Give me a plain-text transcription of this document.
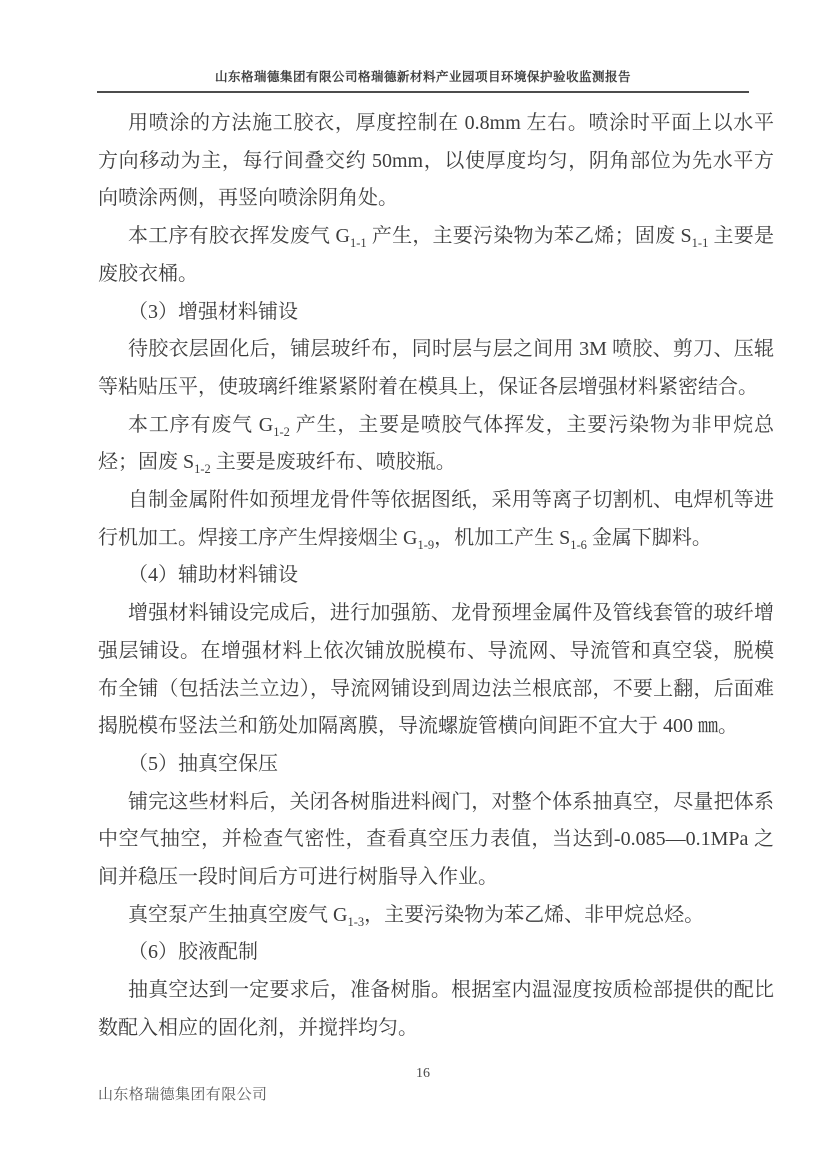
山东格瑞德集团有限公司格瑞德新材料产业园项目环境保护验收监测报告

用喷涂的方法施工胶衣，厚度控制在 0.8mm 左右。喷涂时平面上以水平方向移动为主，每行间叠交约 50mm，以使厚度均匀，阴角部位为先水平方向喷涂两侧，再竖向喷涂阴角处。

本工序有胶衣挥发废气 $G_{1-1}$ 产生，主要污染物为苯乙烯；固废 $S_{1-1}$ 主要是废胶衣桶。

（3）增强材料铺设

待胶衣层固化后，铺层玻纤布，同时层与层之间用 3M 喷胶、剪刀、压辊等粘贴压平，使玻璃纤维紧紧附着在模具上，保证各层增强材料紧密结合。

本工序有废气 $G_{1-2}$ 产生，主要是喷胶气体挥发，主要污染物为非甲烷总烃；固废 $S_{1-2}$ 主要是废玻纤布、喷胶瓶。

自制金属附件如预埋龙骨件等依据图纸，采用等离子切割机、电焊机等进行机加工。焊接工序产生焊接烟尘 $G_{1-9}$，机加工产生 $S_{1-6}$ 金属下脚料。

（4）辅助材料铺设

增强材料铺设完成后，进行加强筋、龙骨预埋金属件及管线套管的玻纤增强层铺设。在增强材料上依次铺放脱模布、导流网、导流管和真空袋，脱模布全铺（包括法兰立边），导流网铺设到周边法兰根底部，不要上翻，后面难揭脱模布竖法兰和筋处加隔离膜，导流螺旋管横向间距不宜大于 400 ㎜。

（5）抽真空保压

铺完这些材料后，关闭各树脂进料阀门，对整个体系抽真空，尽量把体系中空气抽空，并检查气密性，查看真空压力表值，当达到-0.085—0.1MPa 之间并稳压一段时间后方可进行树脂导入作业。

真空泵产生抽真空废气 $G_{1-3}$，主要污染物为苯乙烯、非甲烷总烃。

（6）胶液配制

抽真空达到一定要求后，准备树脂。根据室内温湿度按质检部提供的配比数配入相应的固化剂，并搅拌均匀。

16
山东格瑞德集团有限公司
